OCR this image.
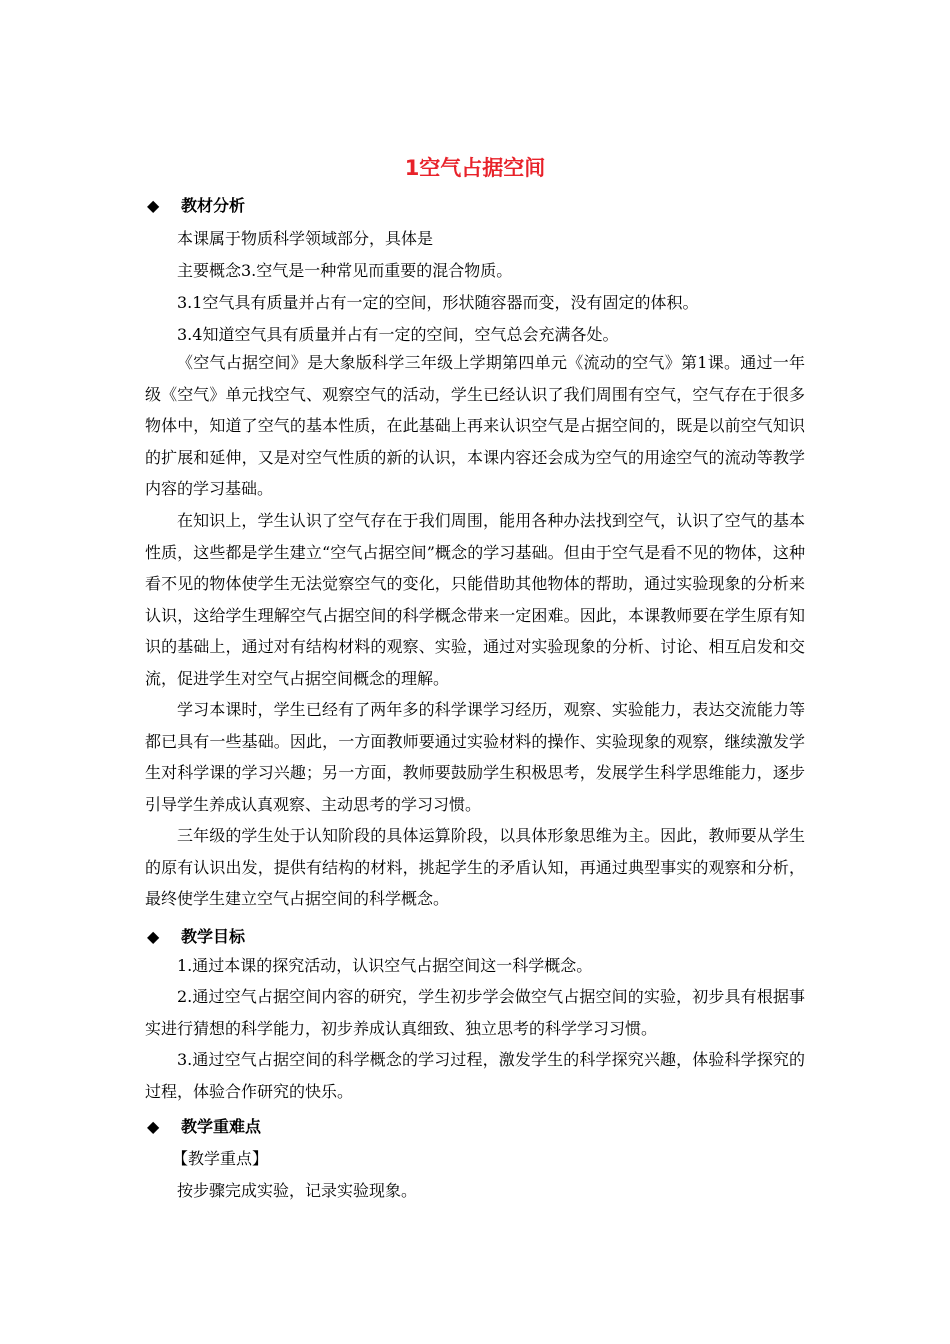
1空气占据空间
◆ 教材分析
本课属于物质科学领域部分，具体是
主要概念3.空气是一种常见而重要的混合物质。
3.1空气具有质量并占有一定的空间，形状随容器而变，没有固定的体积。
3.4知道空气具有质量并占有一定的空间，空气总会充满各处。
《空气占据空间》是大象版科学三年级上学期第四单元《流动的空气》第1课。通过一年级《空气》单元找空气、观察空气的活动，学生已经认识了我们周围有空气，空气存在于很多物体中，知道了空气的基本性质，在此基础上再来认识空气是占据空间的，既是以前空气知识的扩展和延伸，又是对空气性质的新的认识，本课内容还会成为空气的用途空气的流动等教学内容的学习基础。
在知识上，学生认识了空气存在于我们周围，能用各种办法找到空气，认识了空气的基本性质，这些都是学生建立“空气占据空间”概念的学习基础。但由于空气是看不见的物体，这种看不见的物体使学生无法觉察空气的变化，只能借助其他物体的帮助，通过实验现象的分析来认识，这给学生理解空气占据空间的科学概念带来一定困难。因此，本课教师要在学生原有知识的基础上，通过对有结构材料的观察、实验，通过对实验现象的分析、讨论、相互启发和交流，促进学生对空气占据空间概念的理解。
学习本课时，学生已经有了两年多的科学课学习经历，观察、实验能力，表达交流能力等都已具有一些基础。因此，一方面教师要通过实验材料的操作、实验现象的观察，继续激发学生对科学课的学习兴趣；另一方面，教师要鼓励学生积极思考，发展学生科学思维能力，逐步引导学生养成认真观察、主动思考的学习习惯。
三年级的学生处于认知阶段的具体运算阶段，以具体形象思维为主。因此，教师要从学生的原有认识出发，提供有结构的材料，挑起学生的矛盾认知，再通过典型事实的观察和分析，最终使学生建立空气占据空间的科学概念。
◆ 教学目标
1.通过本课的探究活动，认识空气占据空间这一科学概念。
2.通过空气占据空间内容的研究，学生初步学会做空气占据空间的实验，初步具有根据事实进行猜想的科学能力，初步养成认真细致、独立思考的科学学习习惯。
3.通过空气占据空间的科学概念的学习过程，激发学生的科学探究兴趣，体验科学探究的过程，体验合作研究的快乐。
◆ 教学重难点
【教学重点】
按步骤完成实验，记录实验现象。
